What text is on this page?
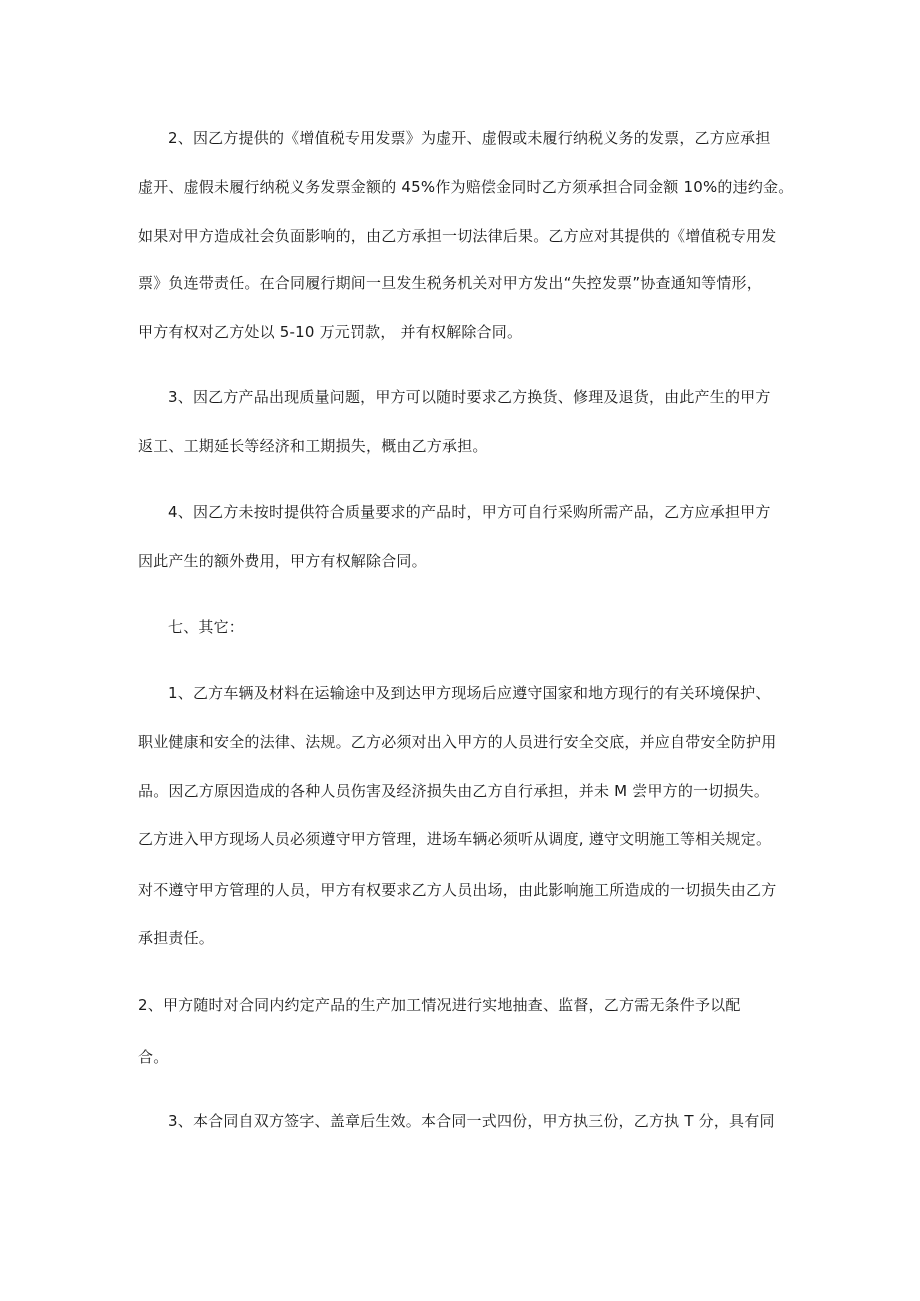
2、因乙方提供的《增值税专用发票》为虚开、虚假或未履行纳税义务的发票，乙方应承担
虚开、虚假未履行纳税义务发票金额的 45%作为赔偿金同时乙方须承担合同金额 10%的违约金。
如果对甲方造成社会负面影响的，由乙方承担一切法律后果。乙方应对其提供的《增值税专用发
票》负连带责任。在合同履行期间一旦发生税务机关对甲方发出“失控发票”协查通知等情形，
甲方有权对乙方处以 5-10 万元罚款， 并有权解除合同。
3、因乙方产品出现质量问题，甲方可以随时要求乙方换货、修理及退货，由此产生的甲方
返工、工期延长等经济和工期损失，概由乙方承担。
4、因乙方未按时提供符合质量要求的产品时，甲方可自行采购所需产品，乙方应承担甲方
因此产生的额外费用，甲方有权解除合同。
七、其它：
1、乙方车辆及材料在运输途中及到达甲方现场后应遵守国家和地方现行的有关环境保护、
职业健康和安全的法律、法规。乙方必须对出入甲方的人员进行安全交底，并应自带安全防护用
品。因乙方原因造成的各种人员伤害及经济损失由乙方自行承担，并未 M 尝甲方的一切损失。
乙方进入甲方现场人员必须遵守甲方管理，进场车辆必须听从调度, 遵守文明施工等相关规定。
对不遵守甲方管理的人员，甲方有权要求乙方人员出场，由此影响施工所造成的一切损失由乙方
承担责任。
2、甲方随时对合同内约定产品的生产加工情况进行实地抽查、监督，乙方需无条件予以配
合。
3、本合同自双方签字、盖章后生效。本合同一式四份，甲方执三份，乙方执 T 分，具有同
